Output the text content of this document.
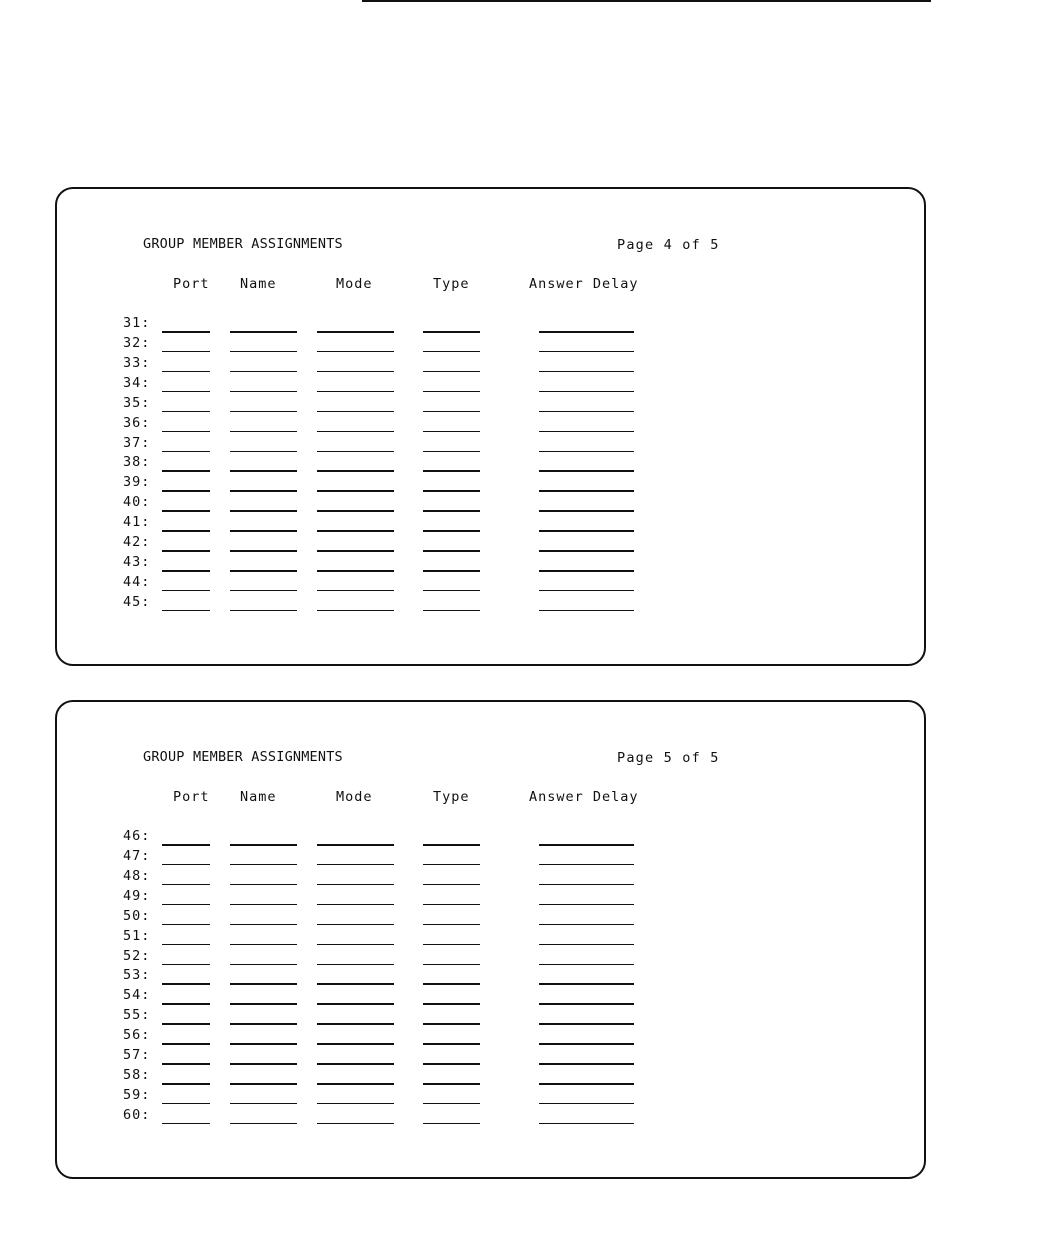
GROUP MEMBER ASSIGNMENTS	Page 4 of 5
Port Name	Mode	Type	Answer Delay
31:
32:
33:
34:
35:
36:
37:
38:
39:
40:
41:
42:
43:
44:
45:
GROUP MEMBER ASSIGNMENTS	Page 5 of 5
Port Name	Mode	Type	Answer Delay
46:
47:
48:
49:
50:
51:
52:
53:
54:
55:
56:
57:
58:
59:
60:
